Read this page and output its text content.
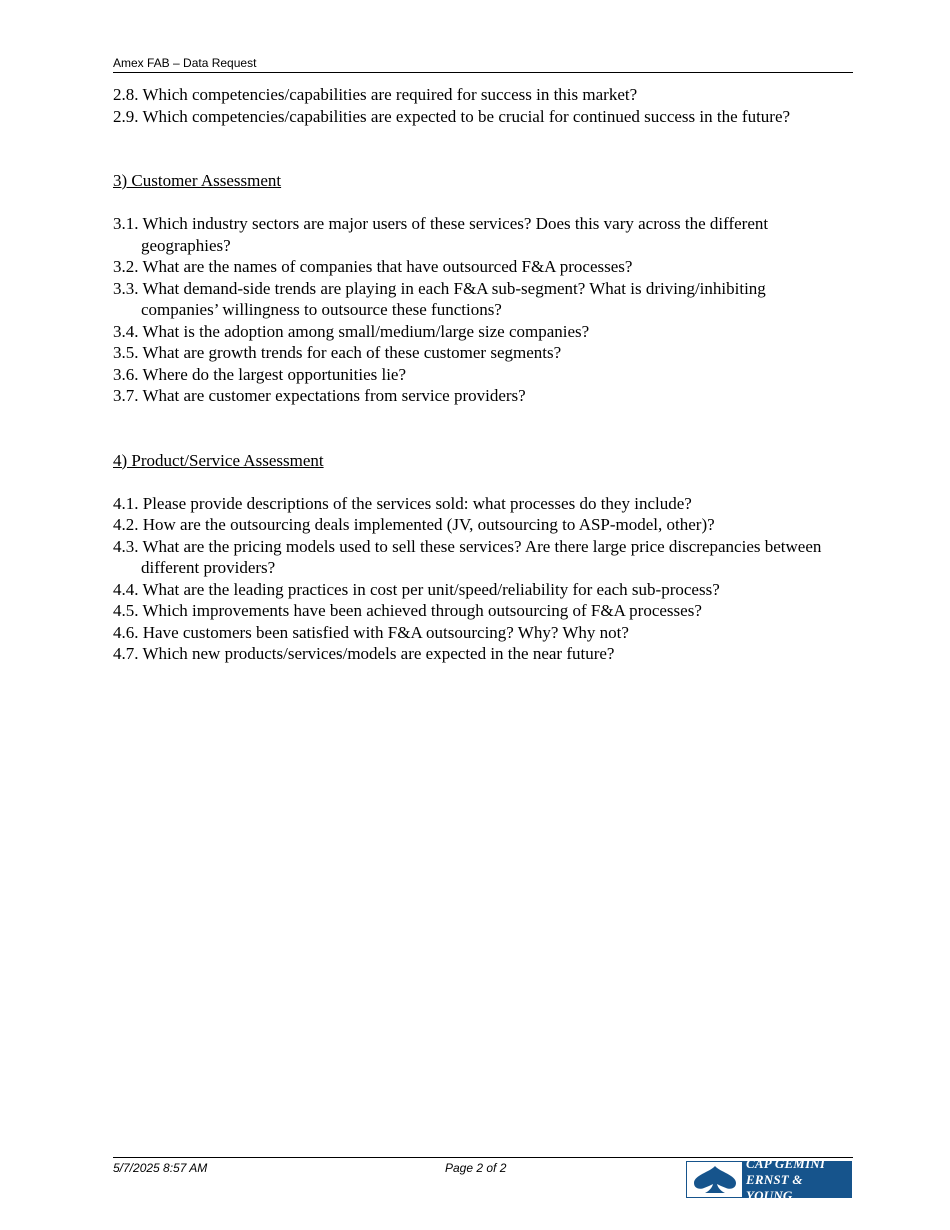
Amex FAB – Data Request

2.8. Which competencies/capabilities are required for success in this market?

2.9. Which competencies/capabilities are expected to be crucial for continued success in the future?

3) Customer Assessment

3.1. Which industry sectors are major users of these services? Does this vary across the different geographies?

3.2. What are the names of companies that have outsourced F&A processes?

3.3. What demand-side trends are playing in each F&A sub-segment? What is driving/inhibiting companies’ willingness to outsource these functions?

3.4. What is the adoption among small/medium/large size companies?

3.5. What are growth trends for each of these customer segments?

3.6. Where do the largest opportunities lie?

3.7. What are customer expectations from service providers?

4) Product/Service Assessment

4.1. Please provide descriptions of the services sold: what processes do they include?

4.2. How are the outsourcing deals implemented (JV, outsourcing to ASP-model, other)?

4.3. What are the pricing models used to sell these services? Are there large price discrepancies between different providers?

4.4. What are the leading practices in cost per unit/speed/reliability for each sub-process?

4.5. Which improvements have been achieved through outsourcing of F&A processes?

4.6. Have customers been satisfied with F&A outsourcing? Why? Why not?

4.7. Which new products/services/models are expected in the near future?

5/7/2025 8:57 AM	Page 2 of 2	CAP GEMINI
ERNST & YOUNG
